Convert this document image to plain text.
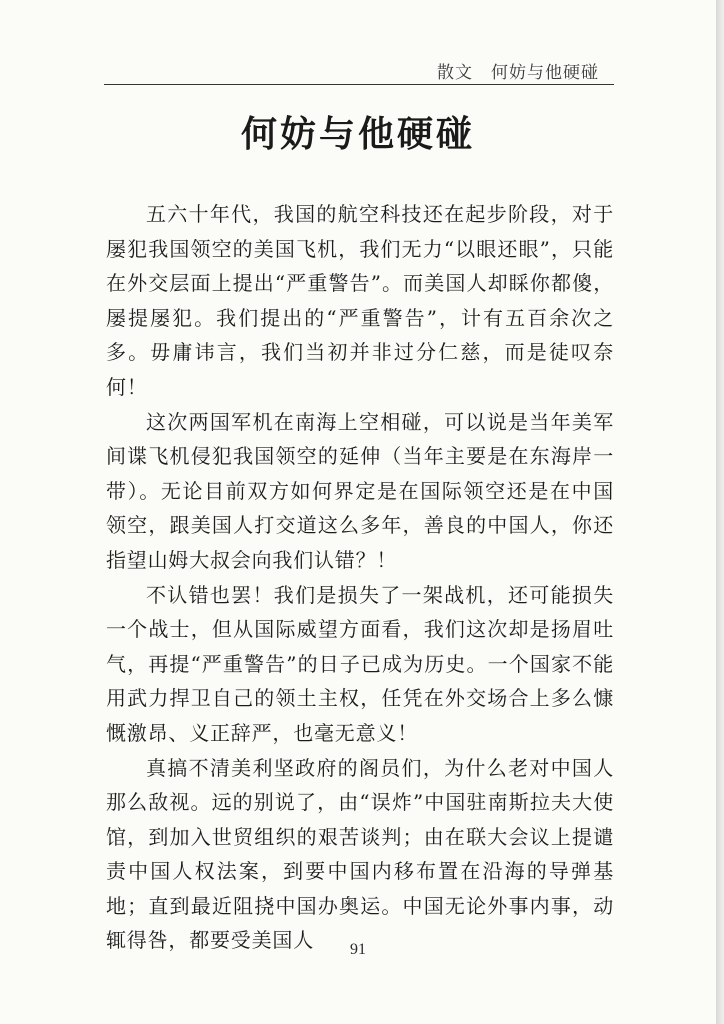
散文 何妨与他硬碰
何妨与他硬碰

五六十年代，我国的航空科技还在起步阶段，对于屡犯我国领空的美国飞机，我们无力“以眼还眼”，只能在外交层面上提出“严重警告”。而美国人却睬你都傻，屡提屡犯。我们提出的“严重警告”，计有五百余次之多。毋庸讳言，我们当初并非过分仁慈，而是徒叹奈何！

这次两国军机在南海上空相碰，可以说是当年美军间谍飞机侵犯我国领空的延伸（当年主要是在东海岸一带）。无论目前双方如何界定是在国际领空还是在中国领空，跟美国人打交道这么多年，善良的中国人，你还指望山姆大叔会向我们认错？！

不认错也罢！我们是损失了一架战机，还可能损失一个战士，但从国际威望方面看，我们这次却是扬眉吐气，再提“严重警告”的日子已成为历史。一个国家不能用武力捍卫自己的领土主权，任凭在外交场合上多么慷慨激昂、义正辞严，也毫无意义！

真搞不清美利坚政府的阁员们，为什么老对中国人那么敌视。远的别说了，由“误炸”中国驻南斯拉夫大使馆，到加入世贸组织的艰苦谈判；由在联大会议上提谴责中国人权法案，到要中国内移布置在沿海的导弹基地；直到最近阻挠中国办奥运。中国无论外事内事，动辄得咎，都要受美国人	91
